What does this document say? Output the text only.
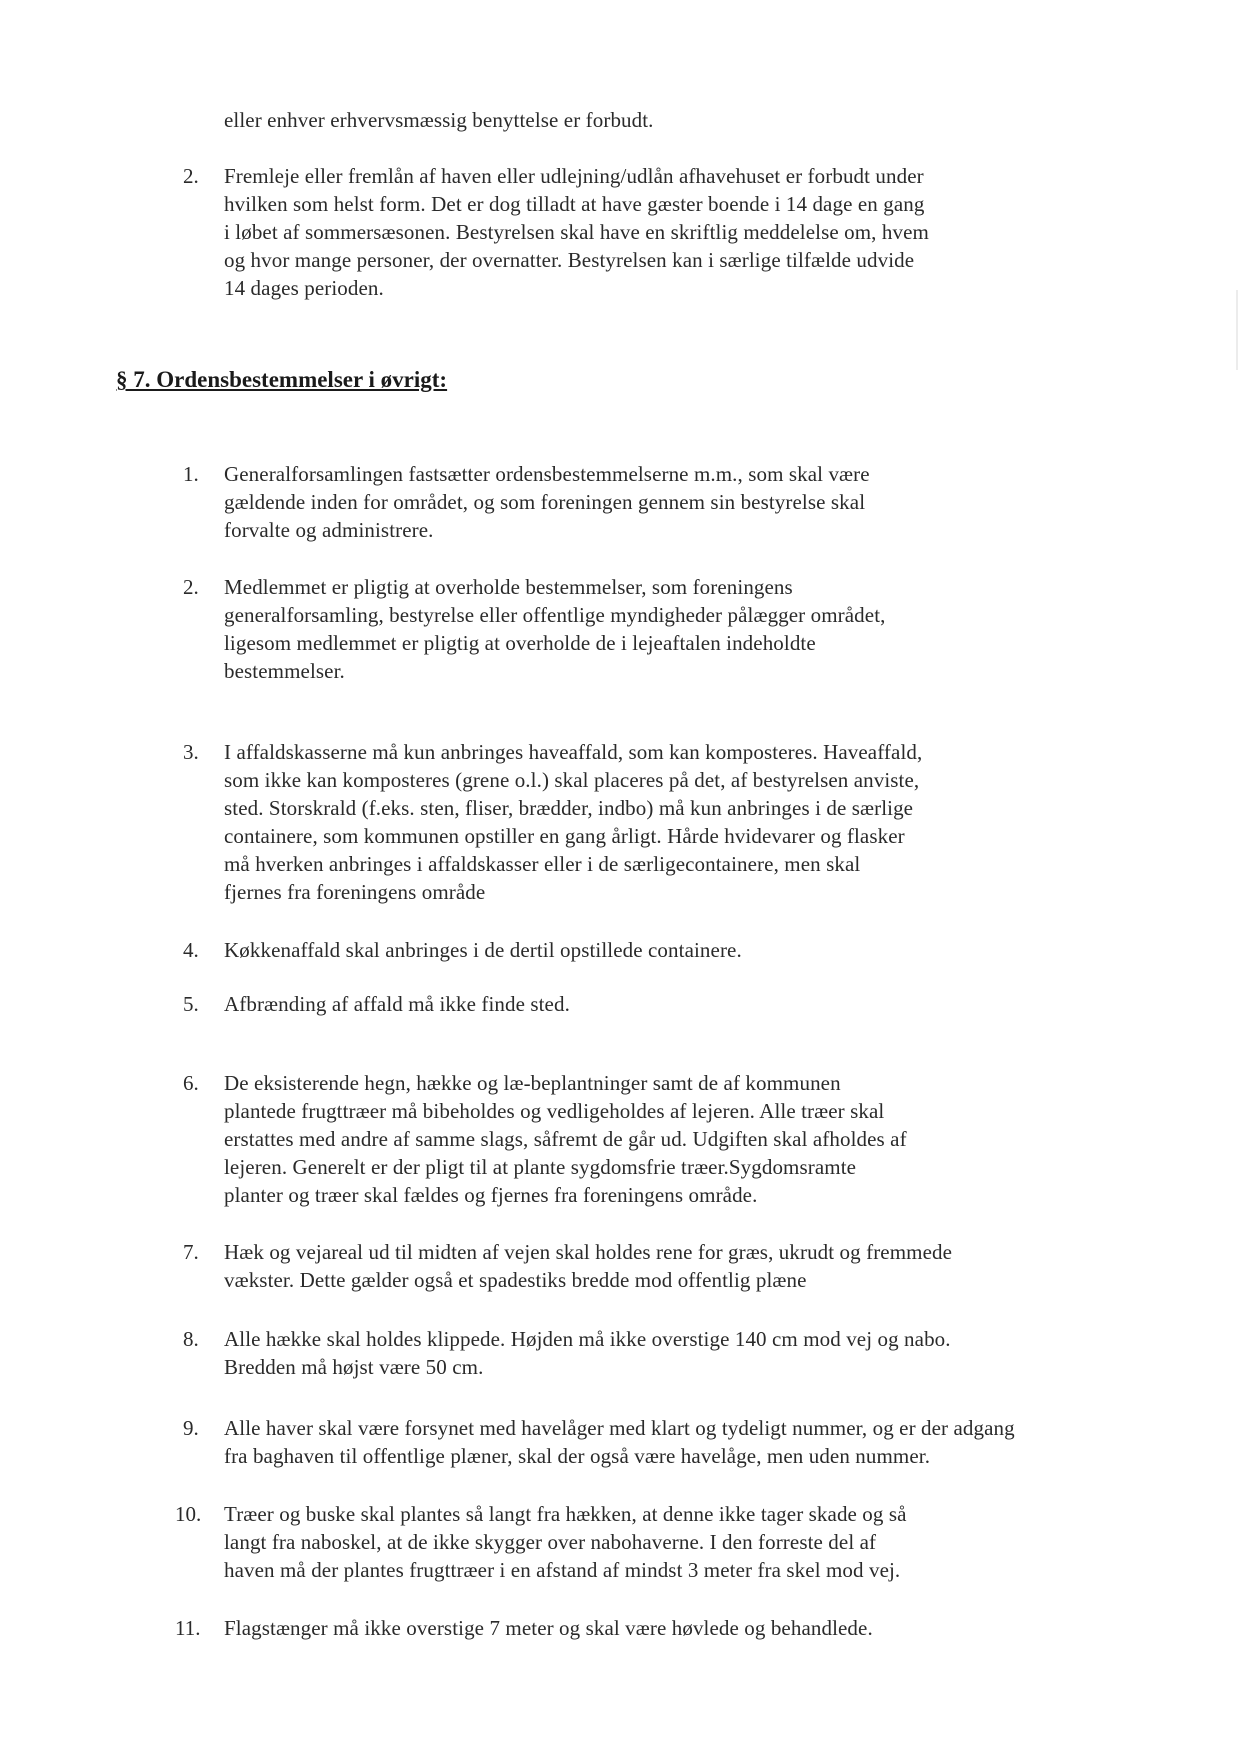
eller enhver erhvervsmæssig benyttelse er forbudt.
2. Fremleje eller fremlån af haven eller udlejning/udlån afhavehuset er forbudt under
hvilken som helst form. Det er dog tilladt at have gæster boende i 14 dage en gang
i løbet af sommersæsonen. Bestyrelsen skal have en skriftlig meddelelse om, hvem
og hvor mange personer, der overnatter. Bestyrelsen kan i særlige tilfælde udvide
14 dages perioden.
§ 7. Ordensbestemmelser i øvrigt:
1. Generalforsamlingen fastsætter ordensbestemmelserne m.m., som skal være
gældende inden for området, og som foreningen gennem sin bestyrelse skal
forvalte og administrere.
2. Medlemmet er pligtig at overholde bestemmelser, som foreningens
generalforsamling, bestyrelse eller offentlige myndigheder pålægger området,
ligesom medlemmet er pligtig at overholde de i lejeaftalen indeholdte
bestemmelser.
3. I affaldskasserne må kun anbringes haveaffald, som kan komposteres. Haveaffald,
som ikke kan komposteres (grene o.l.) skal placeres på det, af bestyrelsen anviste,
sted. Storskrald (f.eks. sten, fliser, brædder, indbo) må kun anbringes i de særlige
containere, som kommunen opstiller en gang årligt. Hårde hvidevarer og flasker
må hverken anbringes i affaldskasser eller i de særligecontainere, men skal
fjernes fra foreningens område
4. Køkkenaffald skal anbringes i de dertil opstillede containere.
5. Afbrænding af affald må ikke finde sted.
6. De eksisterende hegn, hække og læ-beplantninger samt de af kommunen
plantede frugttræer må bibeholdes og vedligeholdes af lejeren. Alle træer skal
erstattes med andre af samme slags, såfremt de går ud. Udgiften skal afholdes af
lejeren. Generelt er der pligt til at plante sygdomsfrie træer.Sygdomsramte
planter og træer skal fældes og fjernes fra foreningens område.
7. Hæk og vejareal ud til midten af vejen skal holdes rene for græs, ukrudt og fremmede
vækster. Dette gælder også et spadestiks bredde mod offentlig plæne
8. Alle hække skal holdes klippede. Højden må ikke overstige 140 cm mod vej og nabo.
Bredden må højst være 50 cm.
9. Alle haver skal være forsynet med havelåger med klart og tydeligt nummer, og er der adgang
fra baghaven til offentlige plæner, skal der også være havelåge, men uden nummer.
10. Træer og buske skal plantes så langt fra hækken, at denne ikke tager skade og så
langt fra naboskel, at de ikke skygger over nabohaverne. I den forreste del af
haven må der plantes frugttræer i en afstand af mindst 3 meter fra skel mod vej.
11. Flagstænger må ikke overstige 7 meter og skal være høvlede og behandlede.
